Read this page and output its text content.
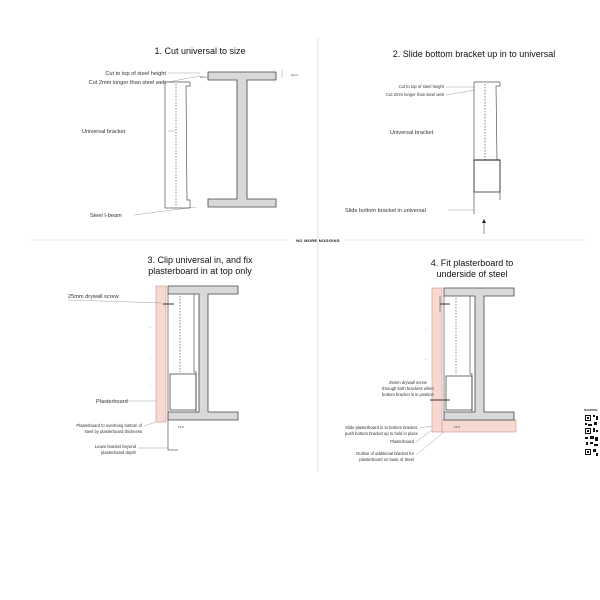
NO MORE NOGGINS
1. Cut universal to size
Cut to top of steel height
Cut 2mm longer than steel web
Universal bracket
Steel I-beam
2mm
2mm
2. Slide bottom bracket up in to universal
Cut to top of steel height
Cut 2mm longer than steel web
Universal bracket
Slide bottom bracket in universal
3. Clip universal in, and fix
plasterboard in at top only
25mm drywall screw
Plasterboard
Plasterboard to overhang bottom of
steel by plasterboard thickness
Leave bracket beyond
plasterboard depth
12.5
→
→
→
4. Fit plasterboard to
underside of steel
25mm drywall screw
through both brackets when
bottom bracket is in position
Slide plasterboard in to bottom bracket,
push bottom bracket up to hold in place
Plasterboard
Outline of additional bracket for
plasterboard on base of Steel
12.5
→
→
NOMORE
